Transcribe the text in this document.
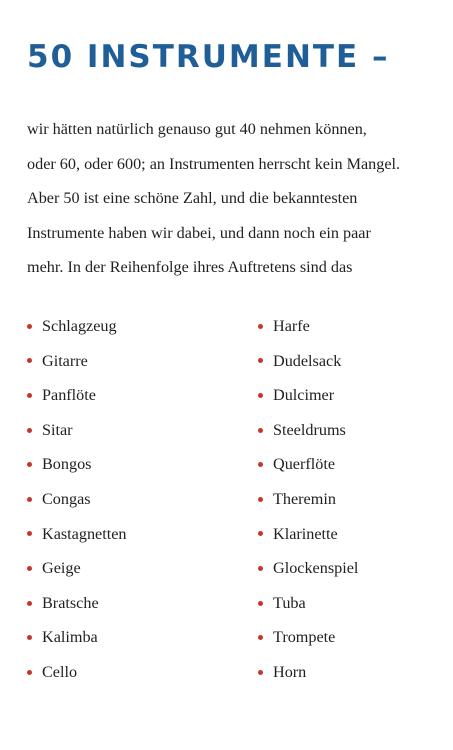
50 INSTRUMENTE –
wir hätten natürlich genauso gut 40 nehmen können,
oder 60, oder 600; an Instrumenten herrscht kein Mangel.
Aber 50 ist eine schöne Zahl, und die bekanntesten
Instrumente haben wir dabei, und dann noch ein paar
mehr. In der Reihenfolge ihres Auftretens sind das
Schlagzeug
Gitarre
Panflöte
Sitar
Bongos
Congas
Kastagnetten
Geige
Bratsche
Kalimba
Cello
Harfe
Dudelsack
Dulcimer
Steeldrums
Querflöte
Theremin
Klarinette
Glockenspiel
Tuba
Trompete
Horn
